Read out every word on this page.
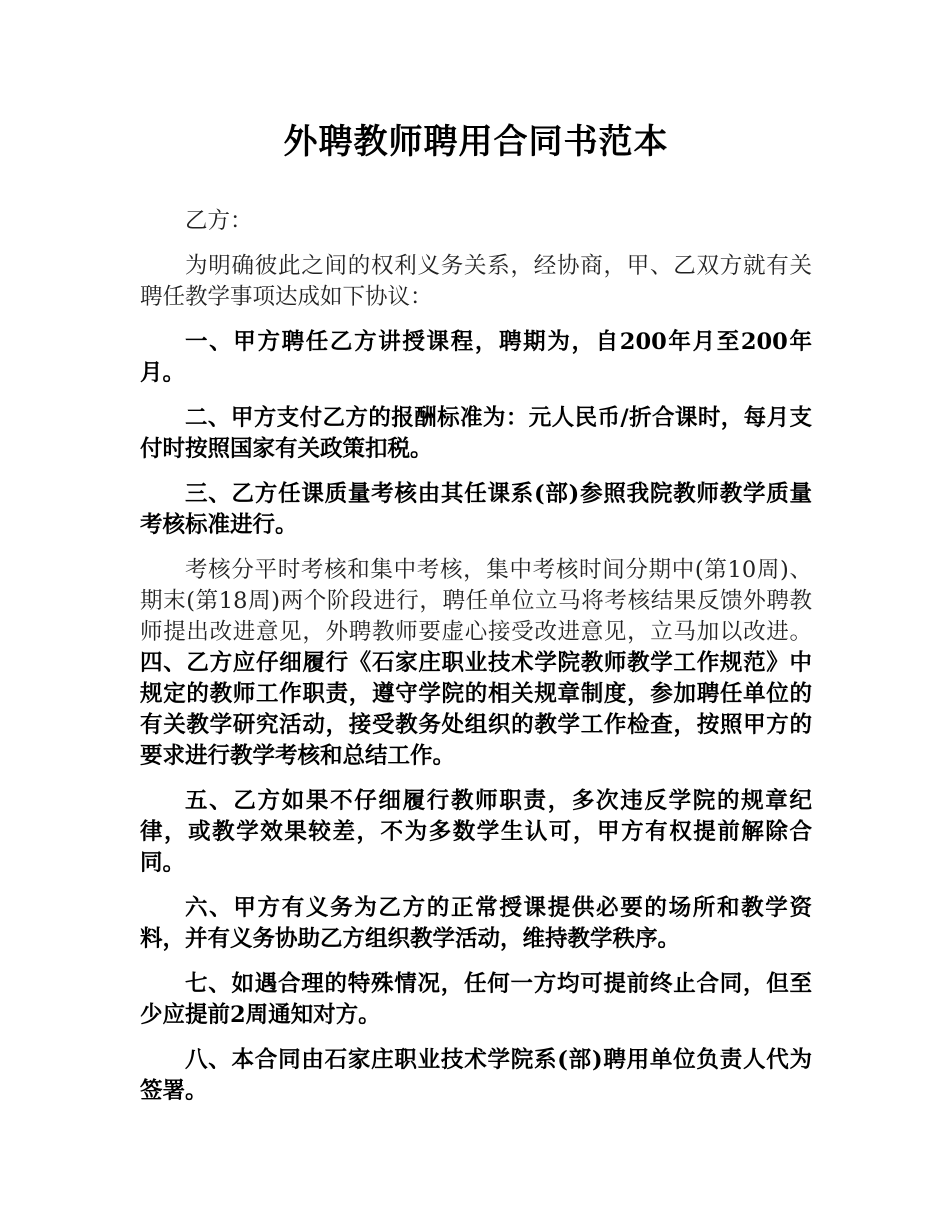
外聘教师聘用合同书范本

乙方：

为明确彼此之间的权利义务关系，经协商，甲、乙双方就有关聘任教学事项达成如下协议：

一、甲方聘任乙方讲授课程，聘期为，自200年月至200年月。

二、甲方支付乙方的报酬标准为：元人民币/折合课时，每月支付时按照国家有关政策扣税。

三、乙方任课质量考核由其任课系(部)参照我院教师教学质量考核标准进行。

考核分平时考核和集中考核，集中考核时间分期中(第10周)、期末(第18周)两个阶段进行，聘任单位立马将考核结果反馈外聘教师提出改进意见，外聘教师要虚心接受改进意见，立马加以改进。四、乙方应仔细履行《石家庄职业技术学院教师教学工作规范》中规定的教师工作职责，遵守学院的相关规章制度，参加聘任单位的有关教学研究活动，接受教务处组织的教学工作检查，按照甲方的要求进行教学考核和总结工作。

五、乙方如果不仔细履行教师职责，多次违反学院的规章纪律，或教学效果较差，不为多数学生认可，甲方有权提前解除合同。

六、甲方有义务为乙方的正常授课提供必要的场所和教学资料，并有义务协助乙方组织教学活动，维持教学秩序。

七、如遇合理的特殊情况，任何一方均可提前终止合同，但至少应提前2周通知对方。

八、本合同由石家庄职业技术学院系(部)聘用单位负责人代为签署。
